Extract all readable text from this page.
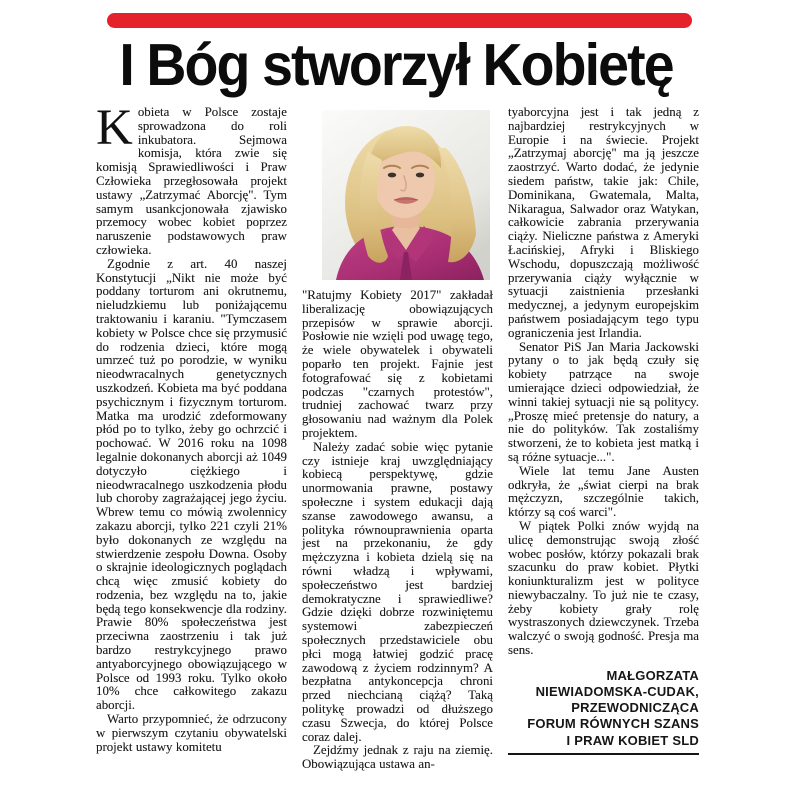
I Bóg stworzył Kobietę

Kobieta w Polsce zostaje sprowadzona do roli inkubatora. Sejmowa komisja, która zwie się komisją Sprawiedliwości i Praw Człowieka przegłosowała projekt ustawy „Zatrzymać Aborcję". Tym samym usankcjonowała zjawisko przemocy wobec kobiet poprzez naruszenie podstawowych praw człowieka.

Zgodnie z art. 40 naszej Konstytucji „Nikt nie może być poddany torturom ani okrutnemu, nieludzkiemu lub poniżającemu traktowaniu i karaniu. "Tymczasem kobiety w Polsce chce się przymusić do rodzenia dzieci, które mogą umrzeć tuż po porodzie, w wyniku nieodwracalnych genetycznych uszkodzeń. Kobieta ma być poddana psychicznym i fizycznym torturom. Matka ma urodzić zdeformowany płód po to tylko, żeby go ochrzcić i pochować. W 2016 roku na 1098 legalnie dokonanych aborcji aż 1049 dotyczyło ciężkiego i nieodwracalnego uszkodzenia płodu lub choroby zagrażającej jego życiu. Wbrew temu co mówią zwolennicy zakazu aborcji, tylko 221 czyli 21% było dokonanych ze względu na stwierdzenie zespołu Downa. Osoby o skrajnie ideologicznych poglądach chcą więc zmusić kobiety do rodzenia, bez względu na to, jakie będą tego konsekwencje dla rodziny. Prawie 80% społeczeństwa jest przeciwna zaostrzeniu i tak już bardzo restrykcyjnego prawo antyaborcyjnego obowiązującego w Polsce od 1993 roku. Tylko około 10% chce całkowitego zakazu aborcji.

Warto przypomnieć, że odrzucony w pierwszym czytaniu obywatelski projekt ustawy komitetu

"Ratujmy Kobiety 2017" zakładał liberalizację obowiązujących przepisów w sprawie aborcji. Posłowie nie wzięli pod uwagę tego, że wiele obywatelek i obywateli poparło ten projekt. Fajnie jest fotografować się z kobietami podczas "czarnych protestów", trudniej zachować twarz przy głosowaniu nad ważnym dla Polek projektem.

Należy zadać sobie więc pytanie czy istnieje kraj uwzględniający kobiecą perspektywę, gdzie unormowania prawne, postawy społeczne i system edukacji dają szanse zawodowego awansu, a polityka równouprawnienia oparta jest na przekonaniu, że gdy mężczyzna i kobieta dzielą się na równi władzą i wpływami, społeczeństwo jest bardziej demokratyczne i sprawiedliwe? Gdzie dzięki dobrze rozwiniętemu systemowi zabezpieczeń społecznych przedstawiciele obu płci mogą łatwiej godzić pracę zawodową z życiem rodzinnym? A bezpłatna antykoncepcja chroni przed niechcianą ciążą? Taką politykę prowadzi od dłuższego czasu Szwecja, do której Polsce coraz dalej.

Zejdźmy jednak z raju na ziemię. Obowiązująca ustawa an-

tyaborcyjna jest i tak jedną z najbardziej restrykcyjnych w Europie i na świecie. Projekt „Zatrzymaj aborcję" ma ją jeszcze zaostrzyć. Warto dodać, że jedynie siedem państw, takie jak: Chile, Dominikana, Gwatemala, Malta, Nikaragua, Salwador oraz Watykan, całkowicie zabrania przerywania ciąży. Nieliczne państwa z Ameryki Łacińskiej, Afryki i Bliskiego Wschodu, dopuszczają możliwość przerywania ciąży wyłącznie w sytuacji zaistnienia przesłanki medycznej, a jedynym europejskim państwem posiadającym tego typu ograniczenia jest Irlandia.

Senator PiS Jan Maria Jackowski pytany o to jak będą czuły się kobiety patrzące na swoje umierające dzieci odpowiedział, że winni takiej sytuacji nie są politycy. „Proszę mieć pretensje do natury, a nie do polityków. Tak zostaliśmy stworzeni, że to kobieta jest matką i są różne sytuacje...".

Wiele lat temu Jane Austen odkryła, że „świat cierpi na brak mężczyzn, szczególnie takich, którzy są coś warci".

W piątek Polki znów wyjdą na ulicę demonstrując swoją złość wobec posłów, którzy pokazali brak szacunku do praw kobiet. Płytki koniunkturalizm jest w polityce niewybaczalny. To już nie te czasy, żeby kobiety grały rolę wystraszonych dziewczynek. Trzeba walczyć o swoją godność. Presja ma sens.

MAŁGORZATA
NIEWIADOMSKA-CUDAK,
PRZEWODNICZĄCA
FORUM RÓWNYCH SZANS
I PRAW KOBIET SLD
